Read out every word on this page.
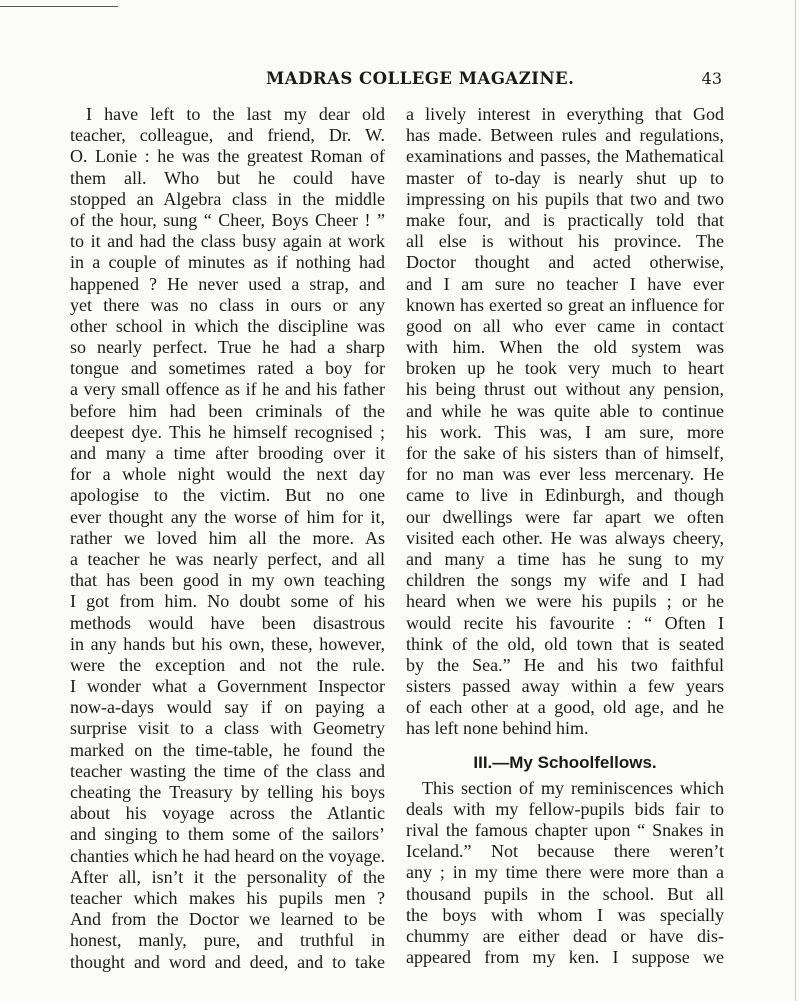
MADRAS COLLEGE MAGAZINE.	43
I have left to the last my dear old
teacher, colleague, and friend, Dr. W.
O. Lonie : he was the greatest Roman of
them all. Who but he could have
stopped an Algebra class in the middle
of the hour, sung “ Cheer, Boys Cheer ! ”
to it and had the class busy again at work
in a couple of minutes as if nothing had
happened ? He never used a strap, and
yet there was no class in ours or any
other school in which the discipline was
so nearly perfect. True he had a sharp
tongue and sometimes rated a boy for
a very small offence as if he and his father
before him had been criminals of the
deepest dye. This he himself recognised ;
and many a time after brooding over it
for a whole night would the next day
apologise to the victim. But no one
ever thought any the worse of him for it,
rather we loved him all the more. As
a teacher he was nearly perfect, and all
that has been good in my own teaching
I got from him. No doubt some of his
methods would have been disastrous
in any hands but his own, these, however,
were the exception and not the rule.
I wonder what a Government Inspector
now-a-days would say if on paying a
surprise visit to a class with Geometry
marked on the time-table, he found the
teacher wasting the time of the class and
cheating the Treasury by telling his boys
about his voyage across the Atlantic
and singing to them some of the sailors’
chanties which he had heard on the voyage.
After all, isn’t it the personality of the
teacher which makes his pupils men ?
And from the Doctor we learned to be
honest, manly, pure, and truthful in
thought and word and deed, and to take
a lively interest in everything that God
has made. Between rules and regulations,
examinations and passes, the Mathematical
master of to-day is nearly shut up to
impressing on his pupils that two and two
make four, and is practically told that
all else is without his province. The
Doctor thought and acted otherwise,
and I am sure no teacher I have ever
known has exerted so great an influence for
good on all who ever came in contact
with him. When the old system was
broken up he took very much to heart
his being thrust out without any pension,
and while he was quite able to continue
his work. This was, I am sure, more
for the sake of his sisters than of himself,
for no man was ever less mercenary. He
came to live in Edinburgh, and though
our dwellings were far apart we often
visited each other. He was always cheery,
and many a time has he sung to my
children the songs my wife and I had
heard when we were his pupils ; or he
would recite his favourite : “ Often I
think of the old, old town that is seated
by the Sea.” He and his two faithful
sisters passed away within a few years
of each other at a good, old age, and he
has left none behind him.
III.—My Schoolfellows.
This section of my reminiscences which
deals with my fellow-pupils bids fair to
rival the famous chapter upon “ Snakes in
Iceland.” Not because there weren’t
any ; in my time there were more than a
thousand pupils in the school. But all
the boys with whom I was specially
chummy are either dead or have dis-
appeared from my ken. I suppose we
